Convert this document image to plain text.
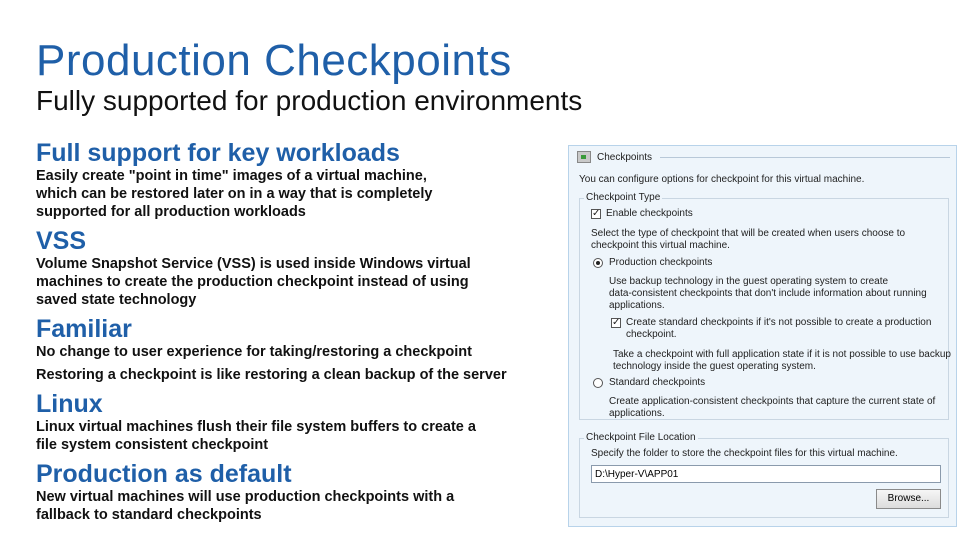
Production Checkpoints
Fully supported for production environments

Full support for key workloads

Easily create "point in time" images of a virtual machine, which can be restored later on in a way that is completely supported for all production workloads

VSS

Volume Snapshot Service (VSS) is used inside Windows virtual machines to create the production checkpoint instead of using saved state technology

Familiar

No change to user experience for taking/restoring a checkpoint

Restoring a checkpoint is like restoring a clean backup of the server

Linux

Linux virtual machines flush their file system buffers to create a file system consistent checkpoint

Production as default

New virtual machines will use production checkpoints with a fallback to standard checkpoints

Checkpoints
You can configure options for checkpoint for this virtual machine.
Checkpoint Type
✓ Enable checkpoints
Select the type of checkpoint that will be created when users choose to
checkpoint this virtual machine.
Production checkpoints
Use backup technology in the guest operating system to create
data-consistent checkpoints that don't include information about running
applications.
✓ Create standard checkpoints if it's not possible to create a production
checkpoint.
Take a checkpoint with full application state if it is not possible to use backup
technology inside the guest operating system.
Standard checkpoints
Create application-consistent checkpoints that capture the current state of
applications.
Checkpoint File Location
Specify the folder to store the checkpoint files for this virtual machine.
D:\Hyper-V\APP01
Browse...
